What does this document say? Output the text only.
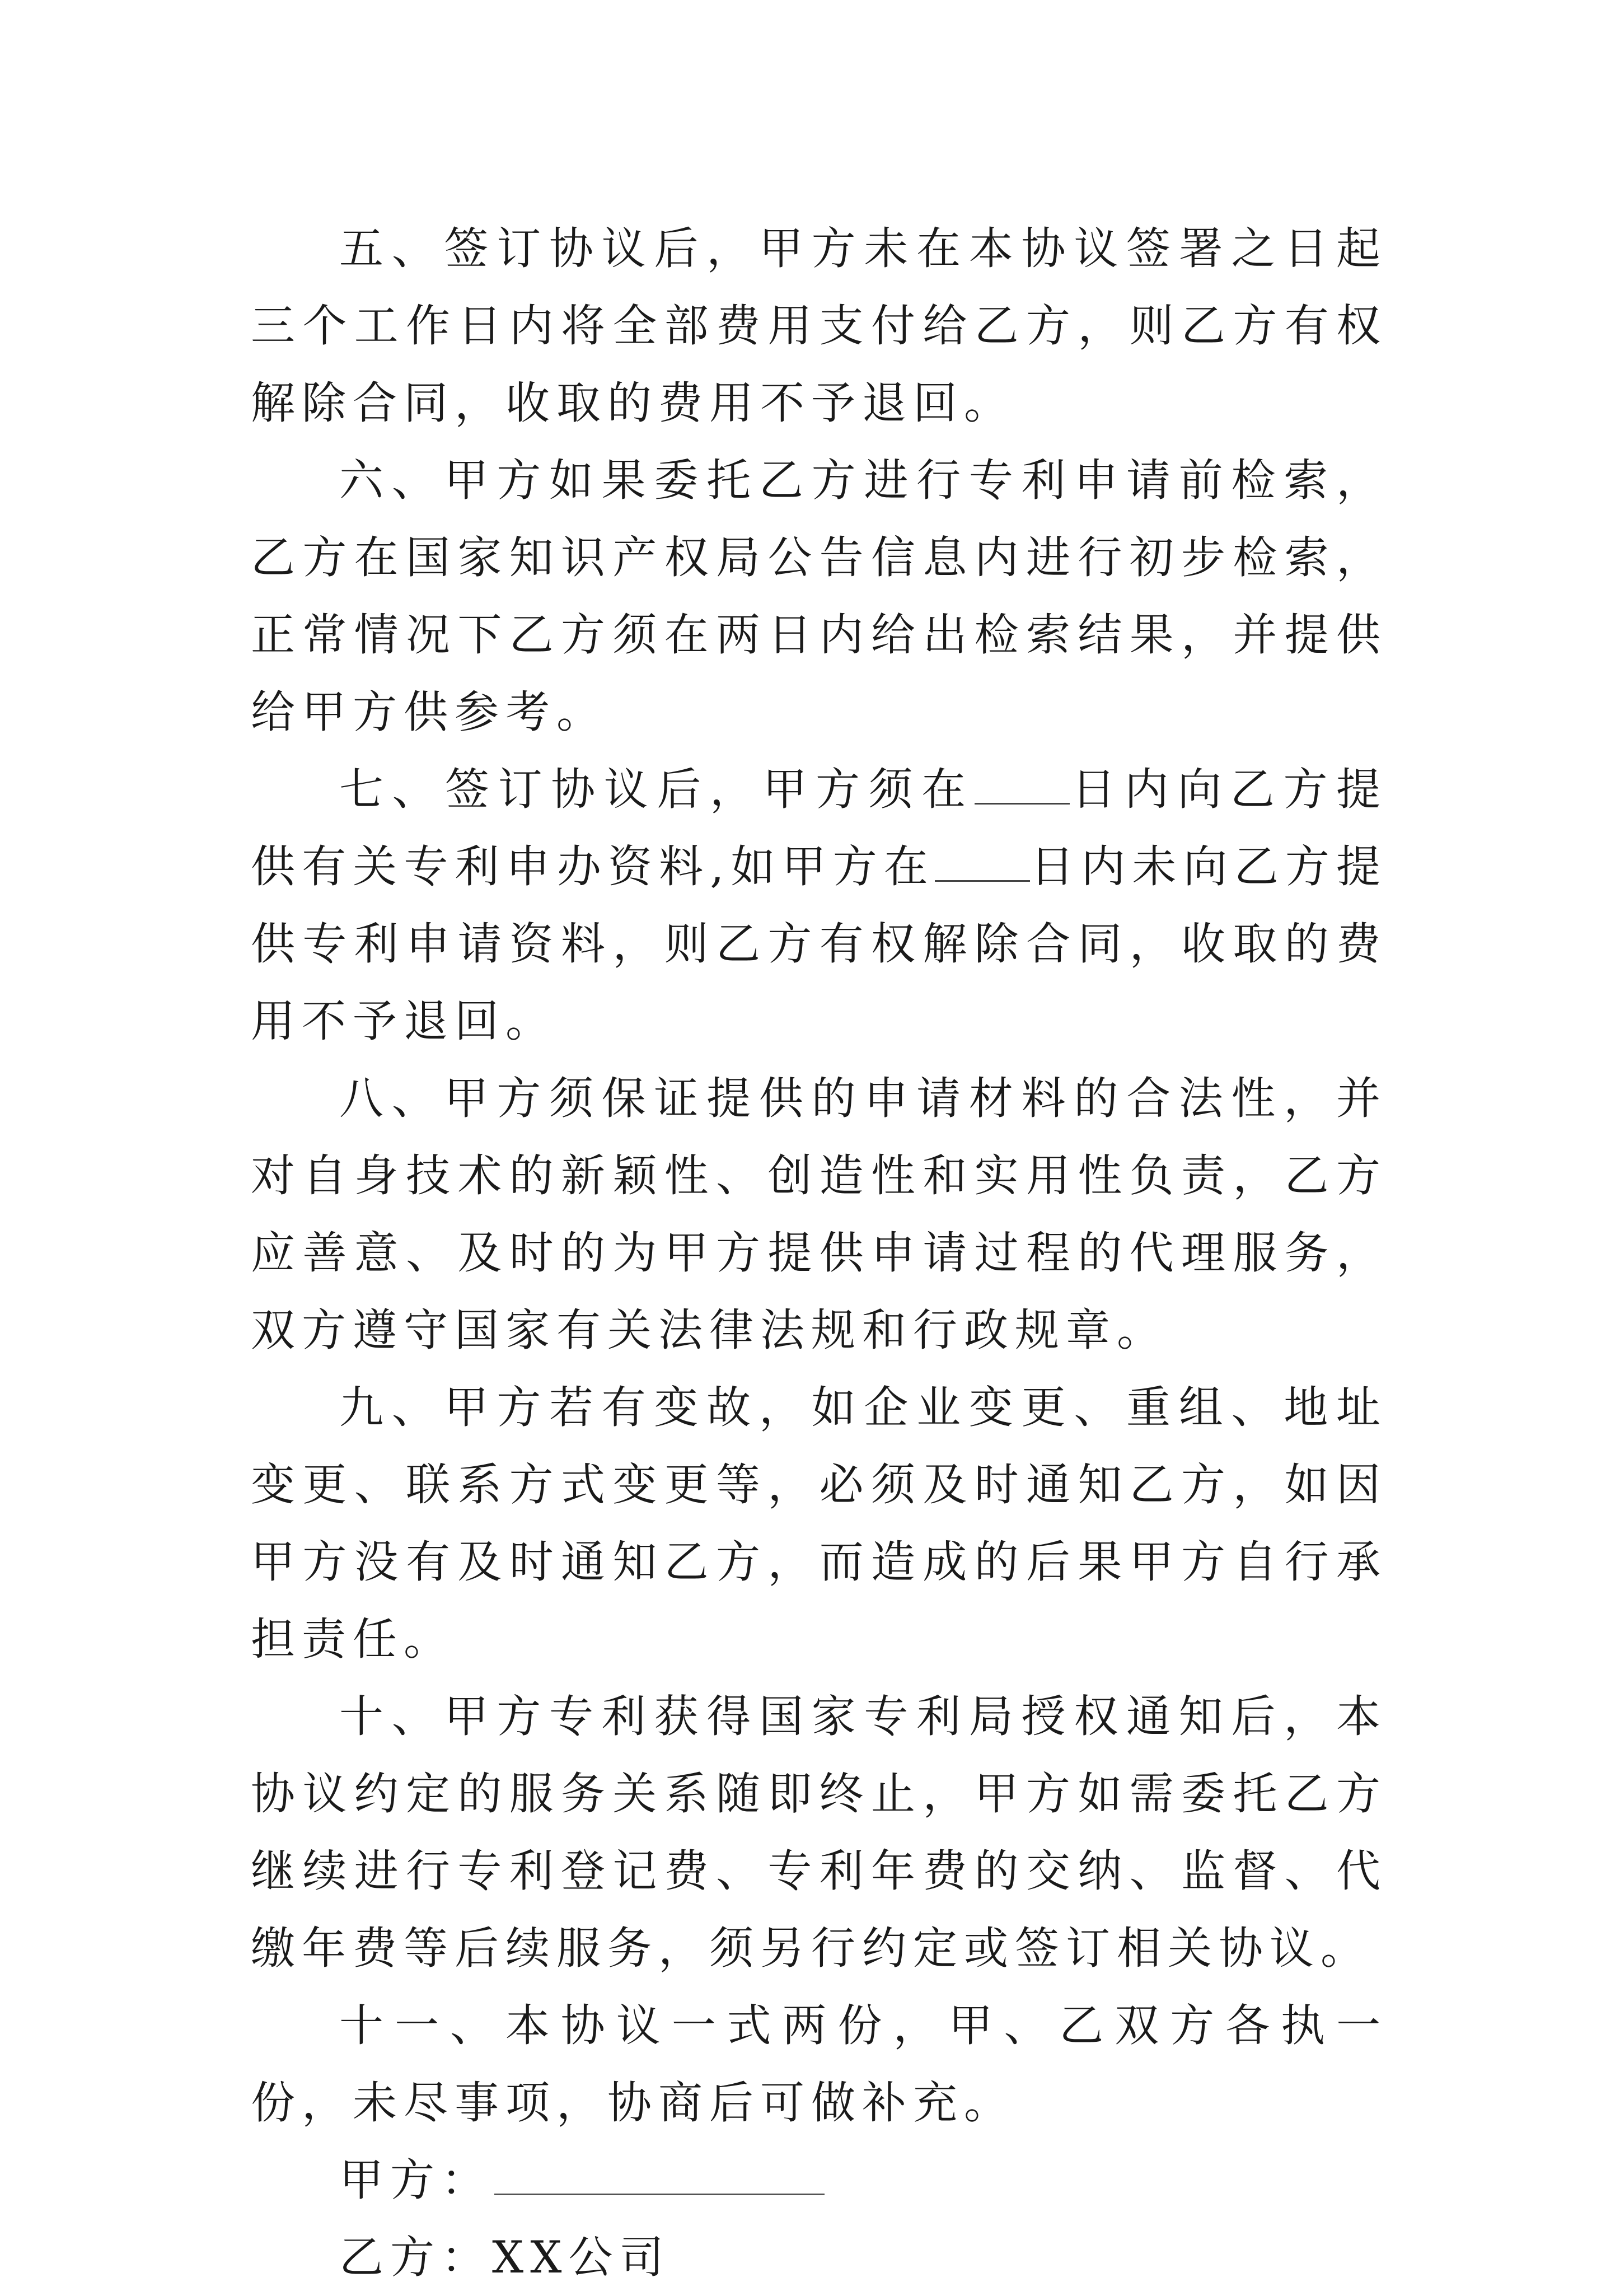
五、签订协议后，甲方未在本协议签署之日起三个工作日内将全部费用支付给乙方，则乙方有权解除合同，收取的费用不予退回。

六、甲方如果委托乙方进行专利申请前检索，乙方在国家知识产权局公告信息内进行初步检索，正常情况下乙方须在两日内给出检索结果，并提供给甲方供参考。

七、签订协议后，甲方须在 日内向乙方提供有关专利申办资料,如甲方在 日内未向乙方提供专利申请资料，则乙方有权解除合同，收取的费用不予退回。

八、甲方须保证提供的申请材料的合法性，并对自身技术的新颖性、创造性和实用性负责，乙方应善意、及时的为甲方提供申请过程的代理服务，双方遵守国家有关法律法规和行政规章。

九、甲方若有变故，如企业变更、重组、地址变更、联系方式变更等，必须及时通知乙方，如因甲方没有及时通知乙方，而造成的后果甲方自行承担责任。

十、甲方专利获得国家专利局授权通知后，本协议约定的服务关系随即终止，甲方如需委托乙方继续进行专利登记费、专利年费的交纳、监督、代缴年费等后续服务，须另行约定或签订相关协议。

十一、本协议一式两份，甲、乙双方各执一份，未尽事项，协商后可做补充。

甲方：

乙方： XX公司
